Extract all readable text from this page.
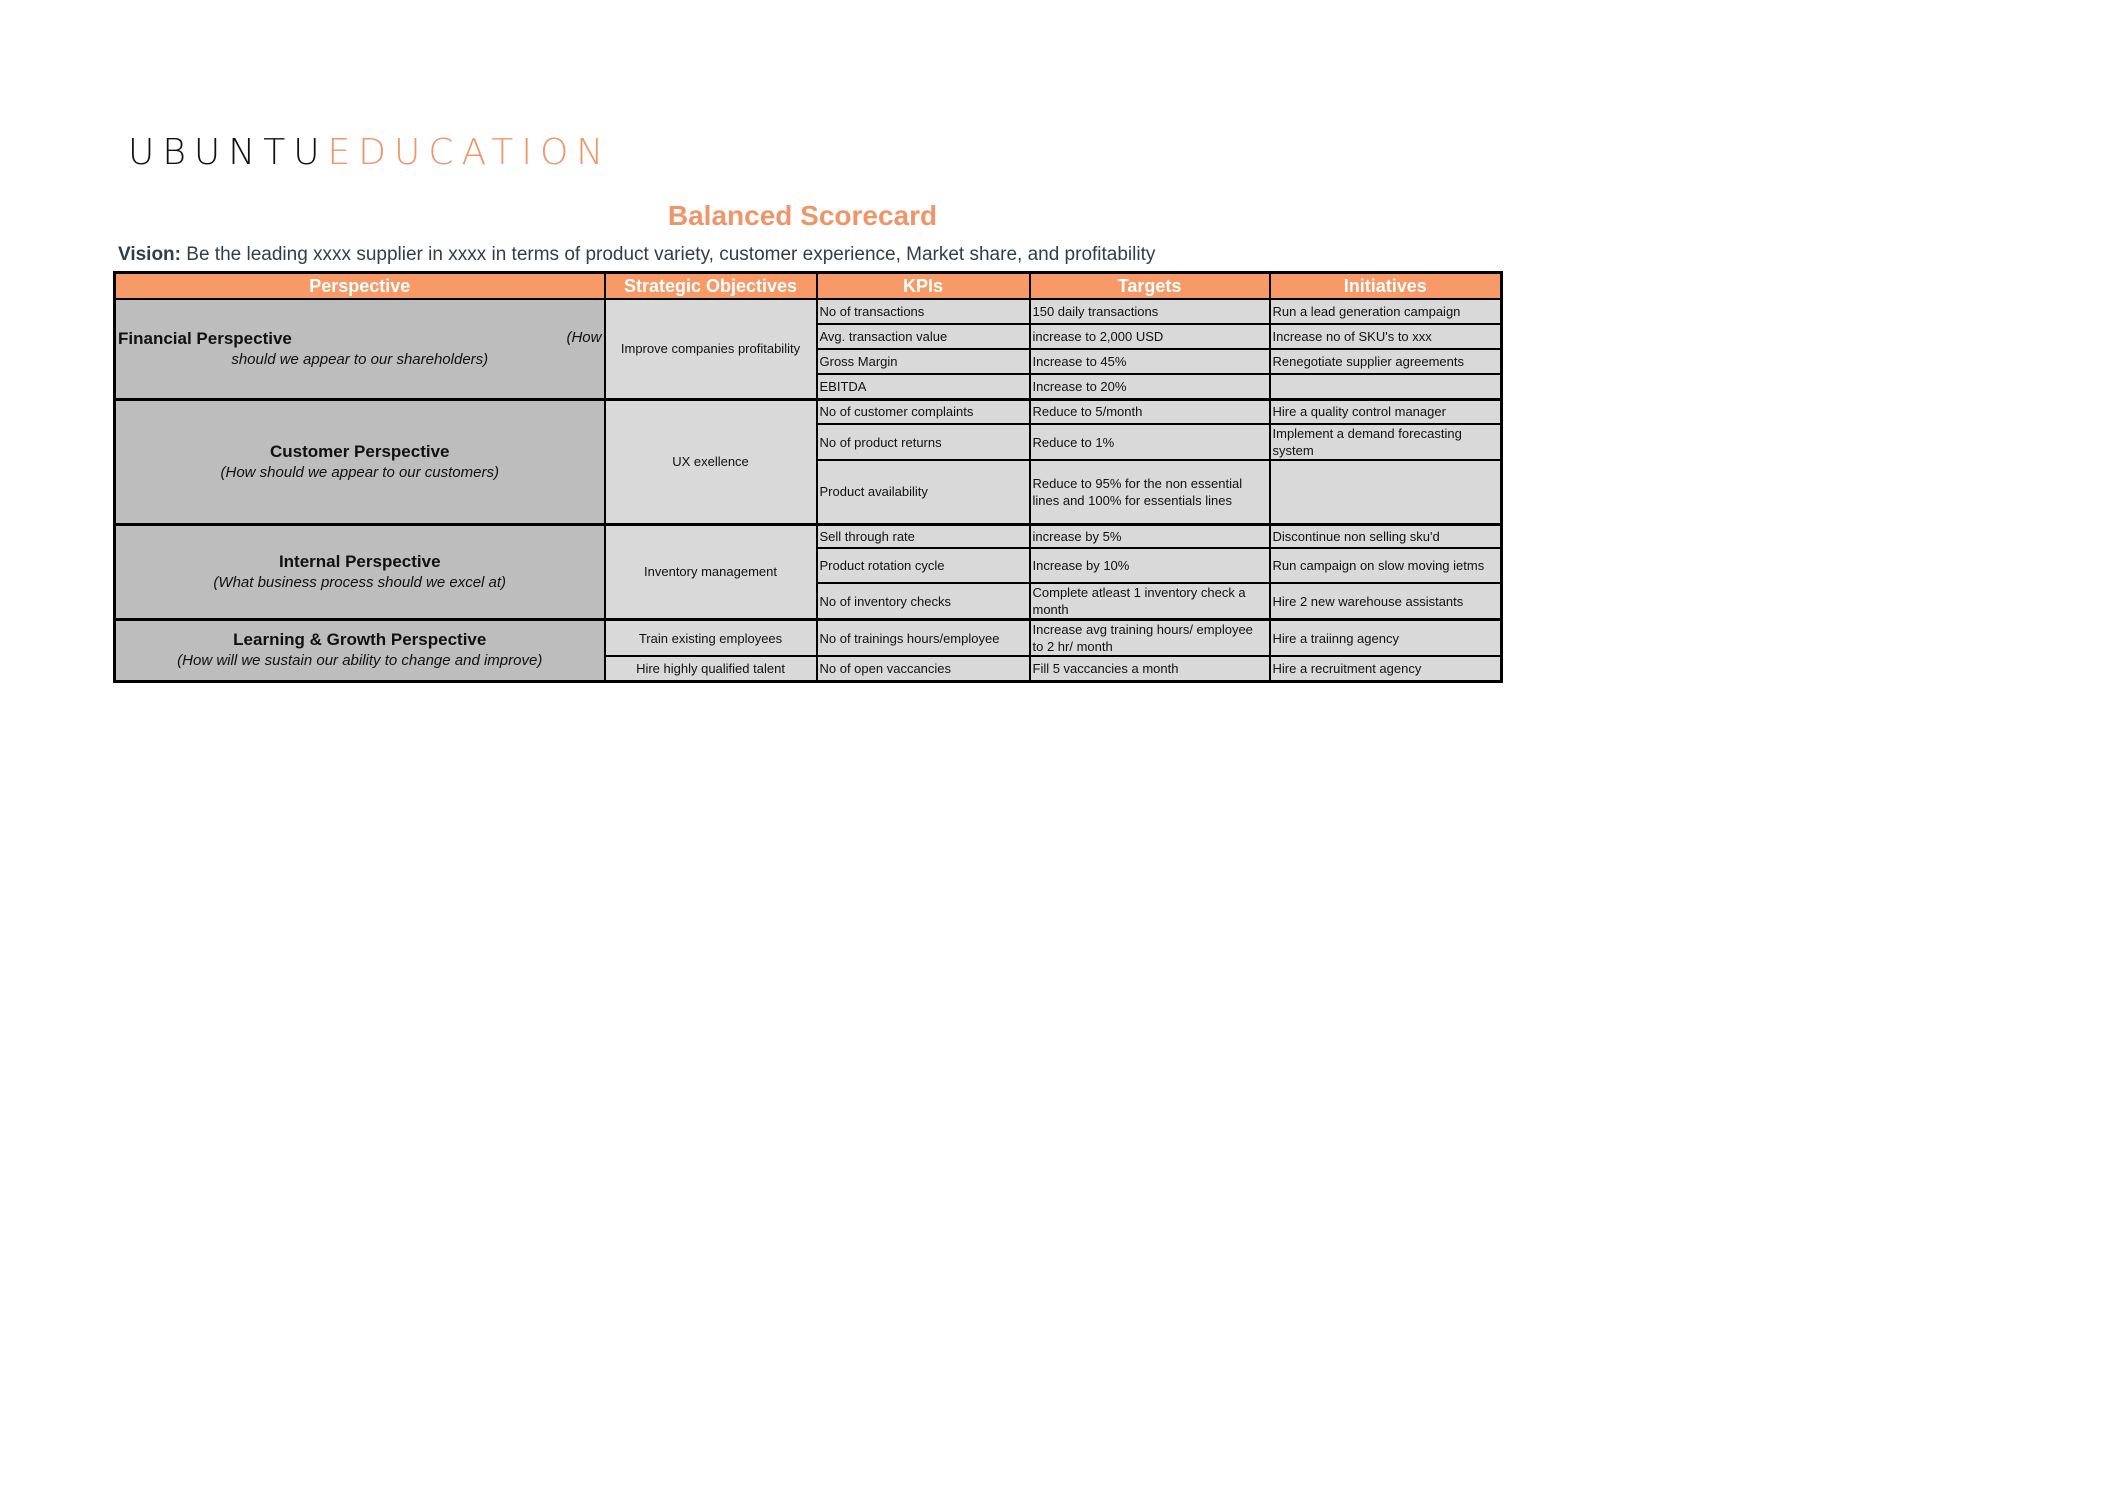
UBUNTUEDUCATION
Balanced Scorecard
Vision: Be the leading xxxx supplier in xxxx in terms of product variety, customer experience, Market share, and profitability
Perspective	Strategic Objectives	KPIs	Targets	Initiatives

Financial Perspective (How
should we appear to our shareholders)	Improve companies profitability	No of transactions	150 daily transactions	Run a lead generation campaign
		Avg. transaction value	increase to 2,000 USD	Increase no of SKU's to xxx
		Gross Margin	Increase to 45%	Renegotiate supplier agreements
		EBITDA	Increase to 20%	

Customer Perspective
(How should we appear to our customers)	UX exellence	No of customer complaints	Reduce to 5/month	Hire a quality control manager
		No of product returns	Reduce to 1%	Implement a demand forecasting system
		Product availability	Reduce to 95% for the non essential lines and 100% for essentials lines	

Internal Perspective
(What business process should we excel at)	Inventory management	Sell through rate	increase by 5%	Discontinue non selling sku'd
		Product rotation cycle	Increase by 10%	Run campaign on slow moving ietms
		No of inventory checks	Complete atleast 1 inventory check a month	Hire 2 new warehouse assistants

Learning & Growth Perspective
(How will we sustain our ability to change and improve)	Train existing employees	No of trainings hours/employee	Increase avg training hours/ employee to 2 hr/ month	Hire a traiinng agency
	Hire highly qualified talent	No of open vaccancies	Fill 5 vaccancies a month	Hire a recruitment agency
